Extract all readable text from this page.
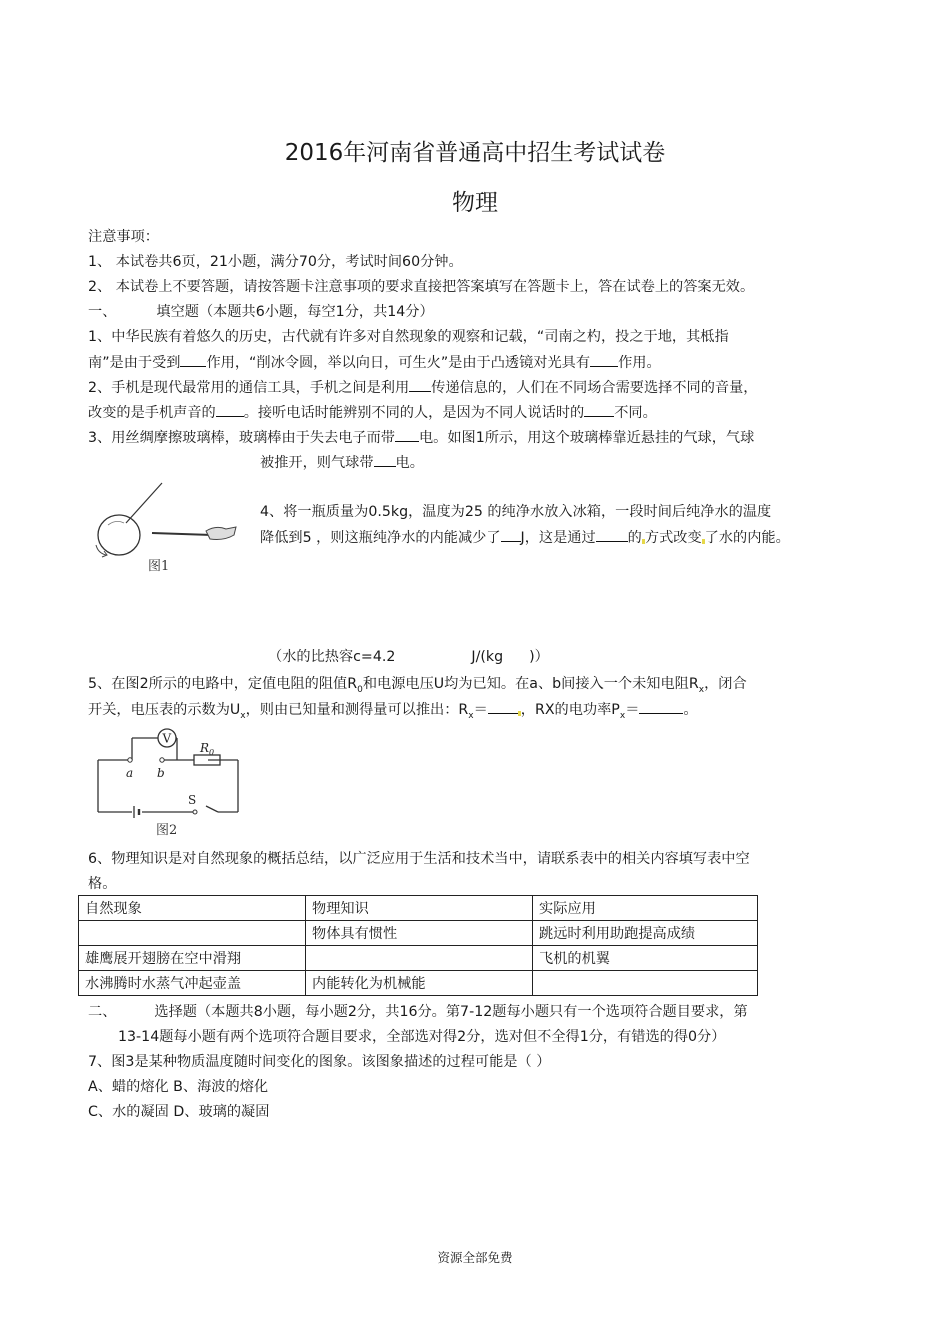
2016年河南省普通高中招生考试试卷
物理
注意事项：
1、 本试卷共6页，21小题，满分70分，考试时间60分钟。
2、 本试卷上不要答题，请按答题卡注意事项的要求直接把答案填写在答题卡上，答在试卷上的答案无效。
一、	填空题（本题共6小题，每空1分，共14分）
1、中华民族有着悠久的历史，古代就有许多对自然现象的观察和记载，“司南之杓，投之于地，其柢指
南”是由于受到 作用，“削冰令圆，举以向日，可生火”是由于凸透镜对光具有 作用。
2、手机是现代最常用的通信工具，手机之间是利用 传递信息的，人们在不同场合需要选择不同的音量，
改变的是手机声音的 。接听电话时能辨别不同的人，是因为不同人说话时的 不同。
3、用丝绸摩擦玻璃棒，玻璃棒由于失去电子而带 电。如图1所示，用这个玻璃棒靠近悬挂的气球，气球
被推开，则气球带 电。
图1
4、将一瓶质量为0.5kg，温度为25 的纯净水放入冰箱，一段时间后纯净水的温度
降低到5 ，则这瓶纯净水的内能减少了 J，这是通过 的 方式改变 了水的内能。
（水的比热容c=4.2	J/(kg )）
5、在图2所示的电路中，定值电阻的阻值$R_0$和电源电压U均为已知。在a、b间接入一个未知电阻$R_x$，闭合
开关，电压表的示数为$U_x$，则由已知量和测得量可以推出：$R_x=$ ，RX的电功率$P_x=$	。
V
a b
$R_0$
S
图2
6、物理知识是对自然现象的概括总结，以广泛应用于生活和技术当中，请联系表中的相关内容填写表中空
格。
自然现象	物理知识	实际应用
	物体具有惯性	跳远时利用助跑提高成绩
雄鹰展开翅膀在空中滑翔		飞机的机翼
水沸腾时水蒸气冲起壶盖	内能转化为机械能	
二、	选择题（本题共8小题，每小题2分，共16分。第7-12题每小题只有一个选项符合题目要求，第
13-14题每小题有两个选项符合题目要求，全部选对得2分，选对但不全得1分，有错选的得0分）
7、图3是某种物质温度随时间变化的图象。该图象描述的过程可能是（ ）
A、蜡的熔化 B、海波的熔化
C、水的凝固 D、玻璃的凝固
资源全部免费
